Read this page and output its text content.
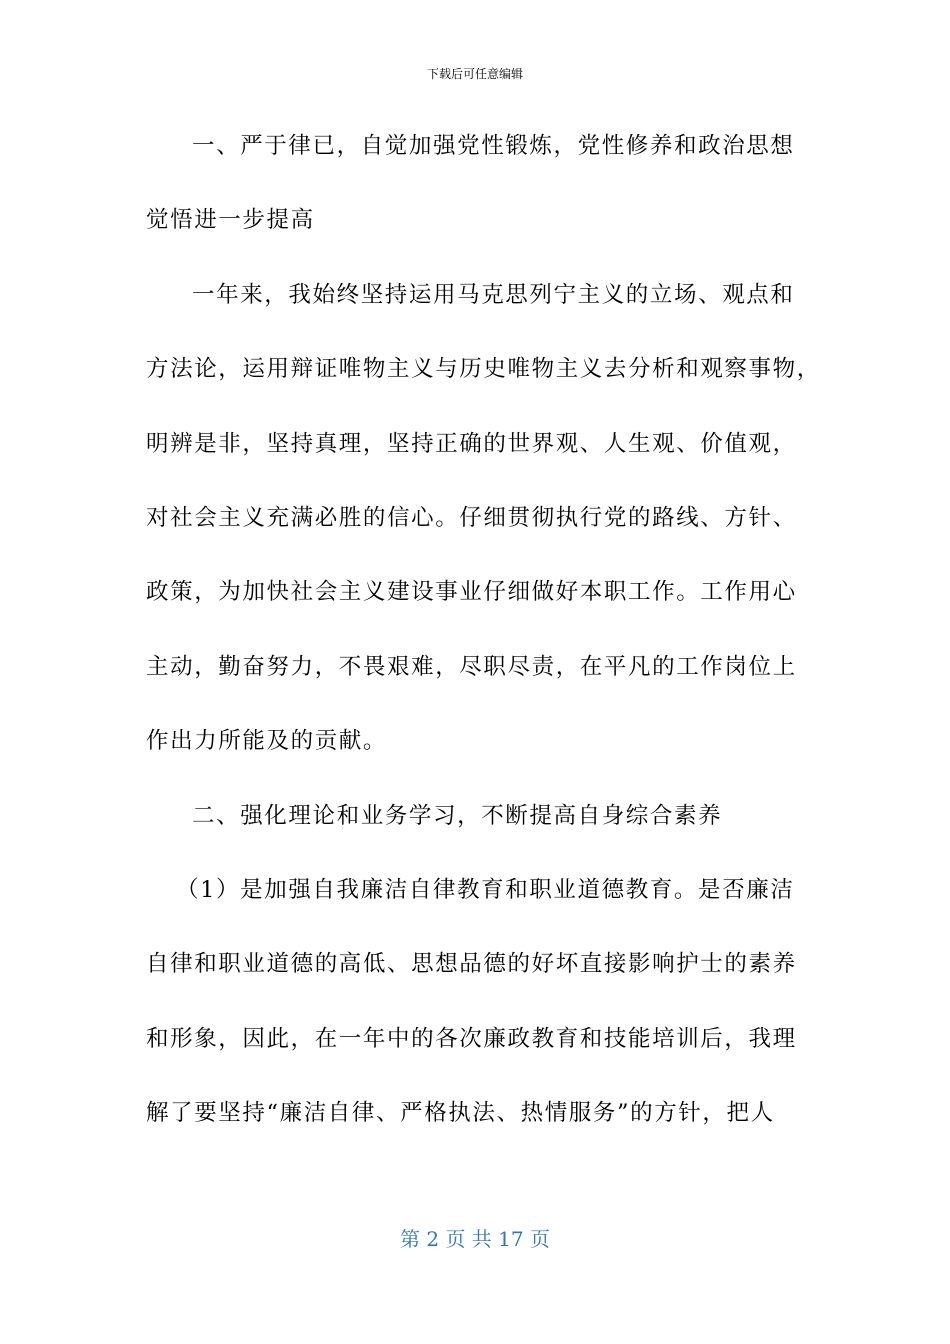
下载后可任意编辑
一、严于律已，自觉加强党性锻炼，党性修养和政治思想
觉悟进一步提高
一年来，我始终坚持运用马克思列宁主义的立场、观点和
方法论，运用辩证唯物主义与历史唯物主义去分析和观察事物，
明辨是非，坚持真理，坚持正确的世界观、人生观、价值观，
对社会主义充满必胜的信心。仔细贯彻执行党的路线、方针、
政策，为加快社会主义建设事业仔细做好本职工作。工作用心
主动，勤奋努力，不畏艰难，尽职尽责，在平凡的工作岗位上
作出力所能及的贡献。
二、强化理论和业务学习，不断提高自身综合素养
（1）是加强自我廉洁自律教育和职业道德教育。是否廉洁
自律和职业道德的高低、思想品德的好坏直接影响护士的素养
和形象，因此，在一年中的各次廉政教育和技能培训后，我理
解了要坚持“廉洁自律、严格执法、热情服务”的方针，把人
第 2 页 共 17 页
